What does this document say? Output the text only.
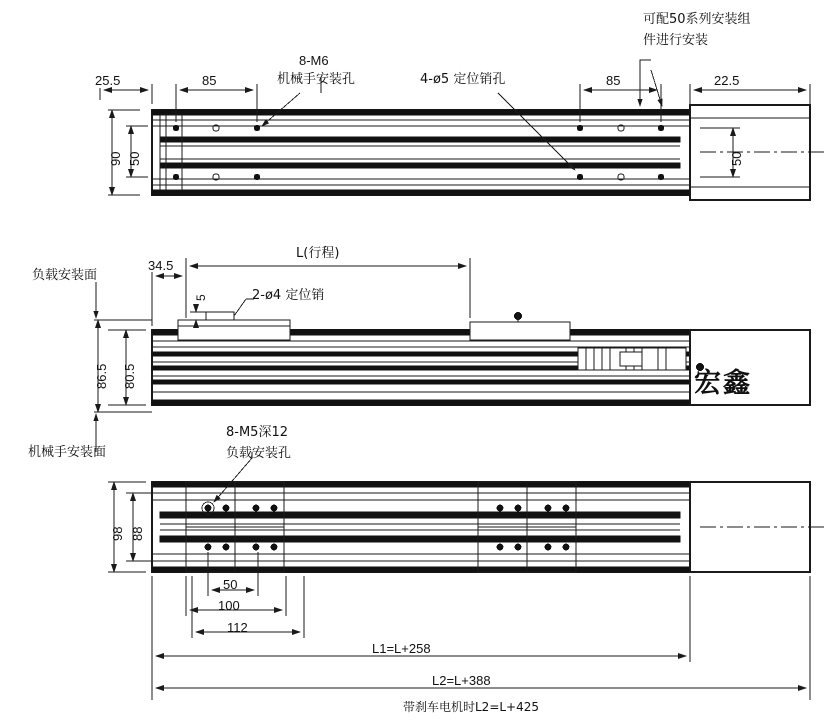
25.5	85	85	22.5
8-M6
机械手安装孔	4-ø5 定位销孔
可配50系列安装组
件进行安装
90 50	50
负载安装面
机械手安装面
34.5
L(行程)
5	2-ø4 定位销
86.5 80.5	宏鑫
8-M5深12
负载安装孔
98 88
50
100
112
L1=L+258
L2=L+388
带刹车电机时L2=L+425
